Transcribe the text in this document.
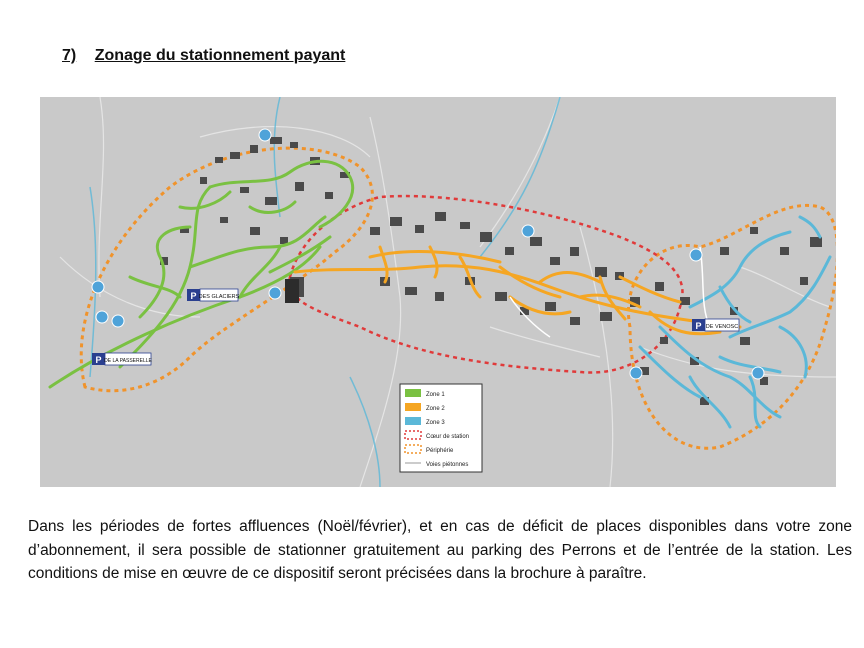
7) Zonage du stationnement payant
P DES GLACIERS
P DE LA PASSERELLE
P DE VENOSC
Zone 1
Zone 2
Zone 3
Cœur de station
Périphérie
Voies piétonnes
Dans les périodes de fortes affluences (Noël/février), et en cas de déficit de places disponibles dans votre zone d’abonnement, il sera possible de stationner gratuitement au parking des Perrons et de l’entrée de la station. Les conditions de mise en œuvre de ce dispositif seront précisées dans la brochure à paraître.
